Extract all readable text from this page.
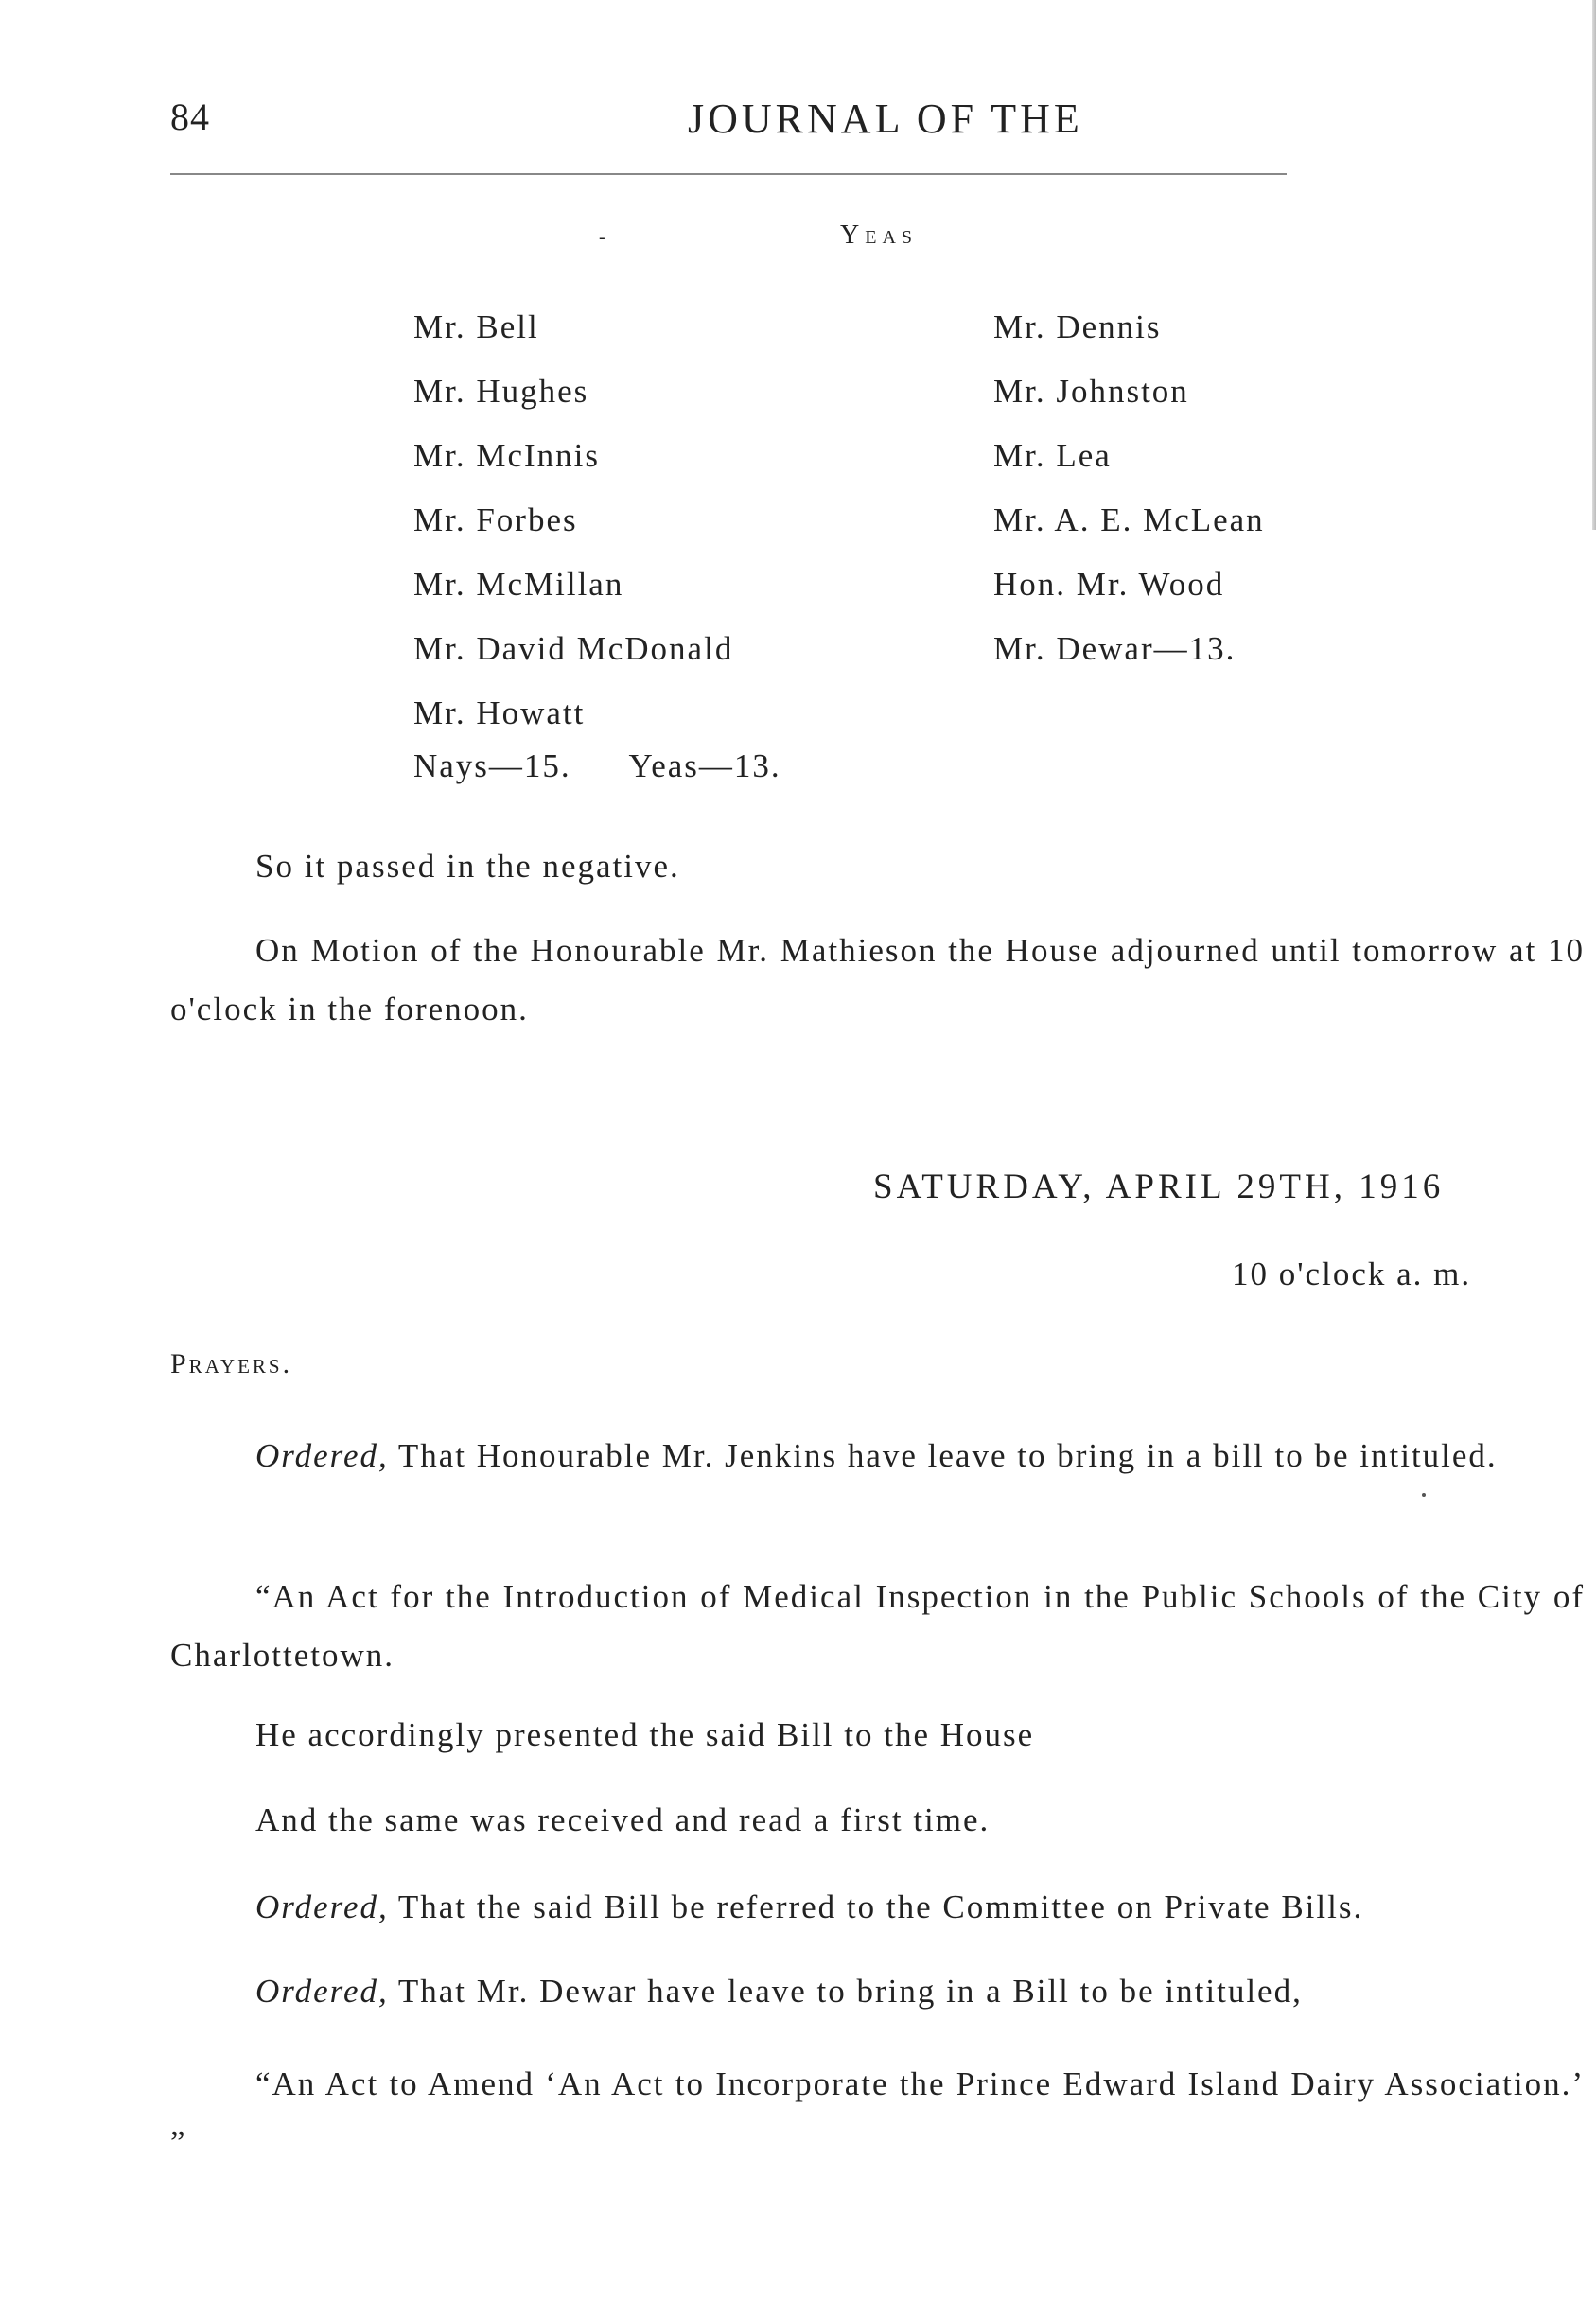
84	JOURNAL OF THE
-	Yeas
Mr. Bell
Mr. Hughes
Mr. McInnis
Mr. Forbes
Mr. McMillan
Mr. David McDonald
Mr. Howatt
Mr. Dennis
Mr. Johnston
Mr. Lea
Mr. A. E. McLean
Hon. Mr. Wood
Mr. Dewar—13.
Nays—15. Yeas—13.

So it passed in the negative.

On Motion of the Honourable Mr. Mathieson the House adjourned until tomorrow at 10 o'clock in the forenoon.

SATURDAY, APRIL 29TH, 1916
10 o'clock a. m.
Prayers.

Ordered, That Honourable Mr. Jenkins have leave to bring in a bill to be intituled.

“An Act for the Introduction of Medical Inspection in the Public Schools of the City of Charlottetown.

He accordingly presented the said Bill to the House

And the same was received and read a first time.

Ordered, That the said Bill be referred to the Committee on Private Bills.

Ordered, That Mr. Dewar have leave to bring in a Bill to be intituled,

“An Act to Amend ‘An Act to Incorporate the Prince Edward Island Dairy Association.’ ”
